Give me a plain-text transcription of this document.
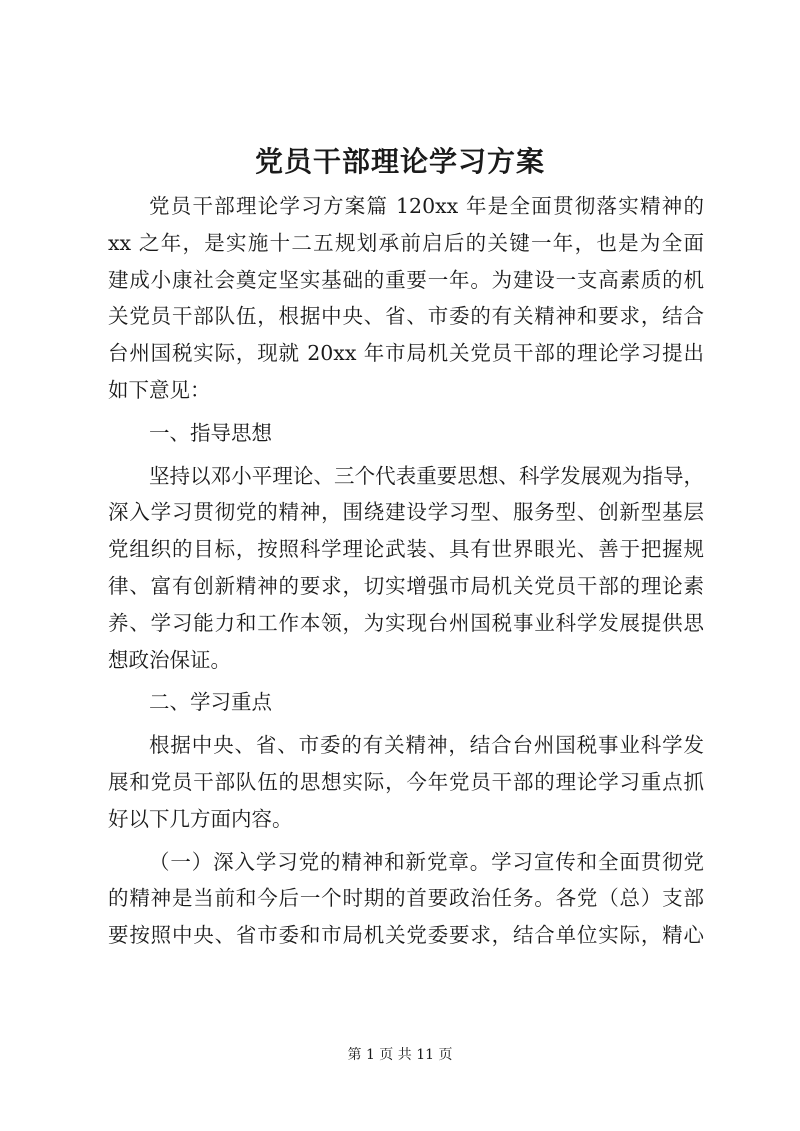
党员干部理论学习方案
党员干部理论学习方案篇 120xx 年是全面贯彻落实精神的
xx 之年，是实施十二五规划承前启后的关键一年，也是为全面
建成小康社会奠定坚实基础的重要一年。为建设一支高素质的机
关党员干部队伍，根据中央、省、市委的有关精神和要求，结合
台州国税实际，现就 20xx 年市局机关党员干部的理论学习提出
如下意见：
一、指导思想
坚持以邓小平理论、三个代表重要思想、科学发展观为指导，
深入学习贯彻党的精神，围绕建设学习型、服务型、创新型基层
党组织的目标，按照科学理论武装、具有世界眼光、善于把握规
律、富有创新精神的要求，切实增强市局机关党员干部的理论素
养、学习能力和工作本领，为实现台州国税事业科学发展提供思
想政治保证。
二、学习重点
根据中央、省、市委的有关精神，结合台州国税事业科学发
展和党员干部队伍的思想实际，今年党员干部的理论学习重点抓
好以下几方面内容。
（一）深入学习党的精神和新党章。学习宣传和全面贯彻党
的精神是当前和今后一个时期的首要政治任务。各党（总）支部
要按照中央、省市委和市局机关党委要求，结合单位实际，精心
第 1 页 共 11 页
